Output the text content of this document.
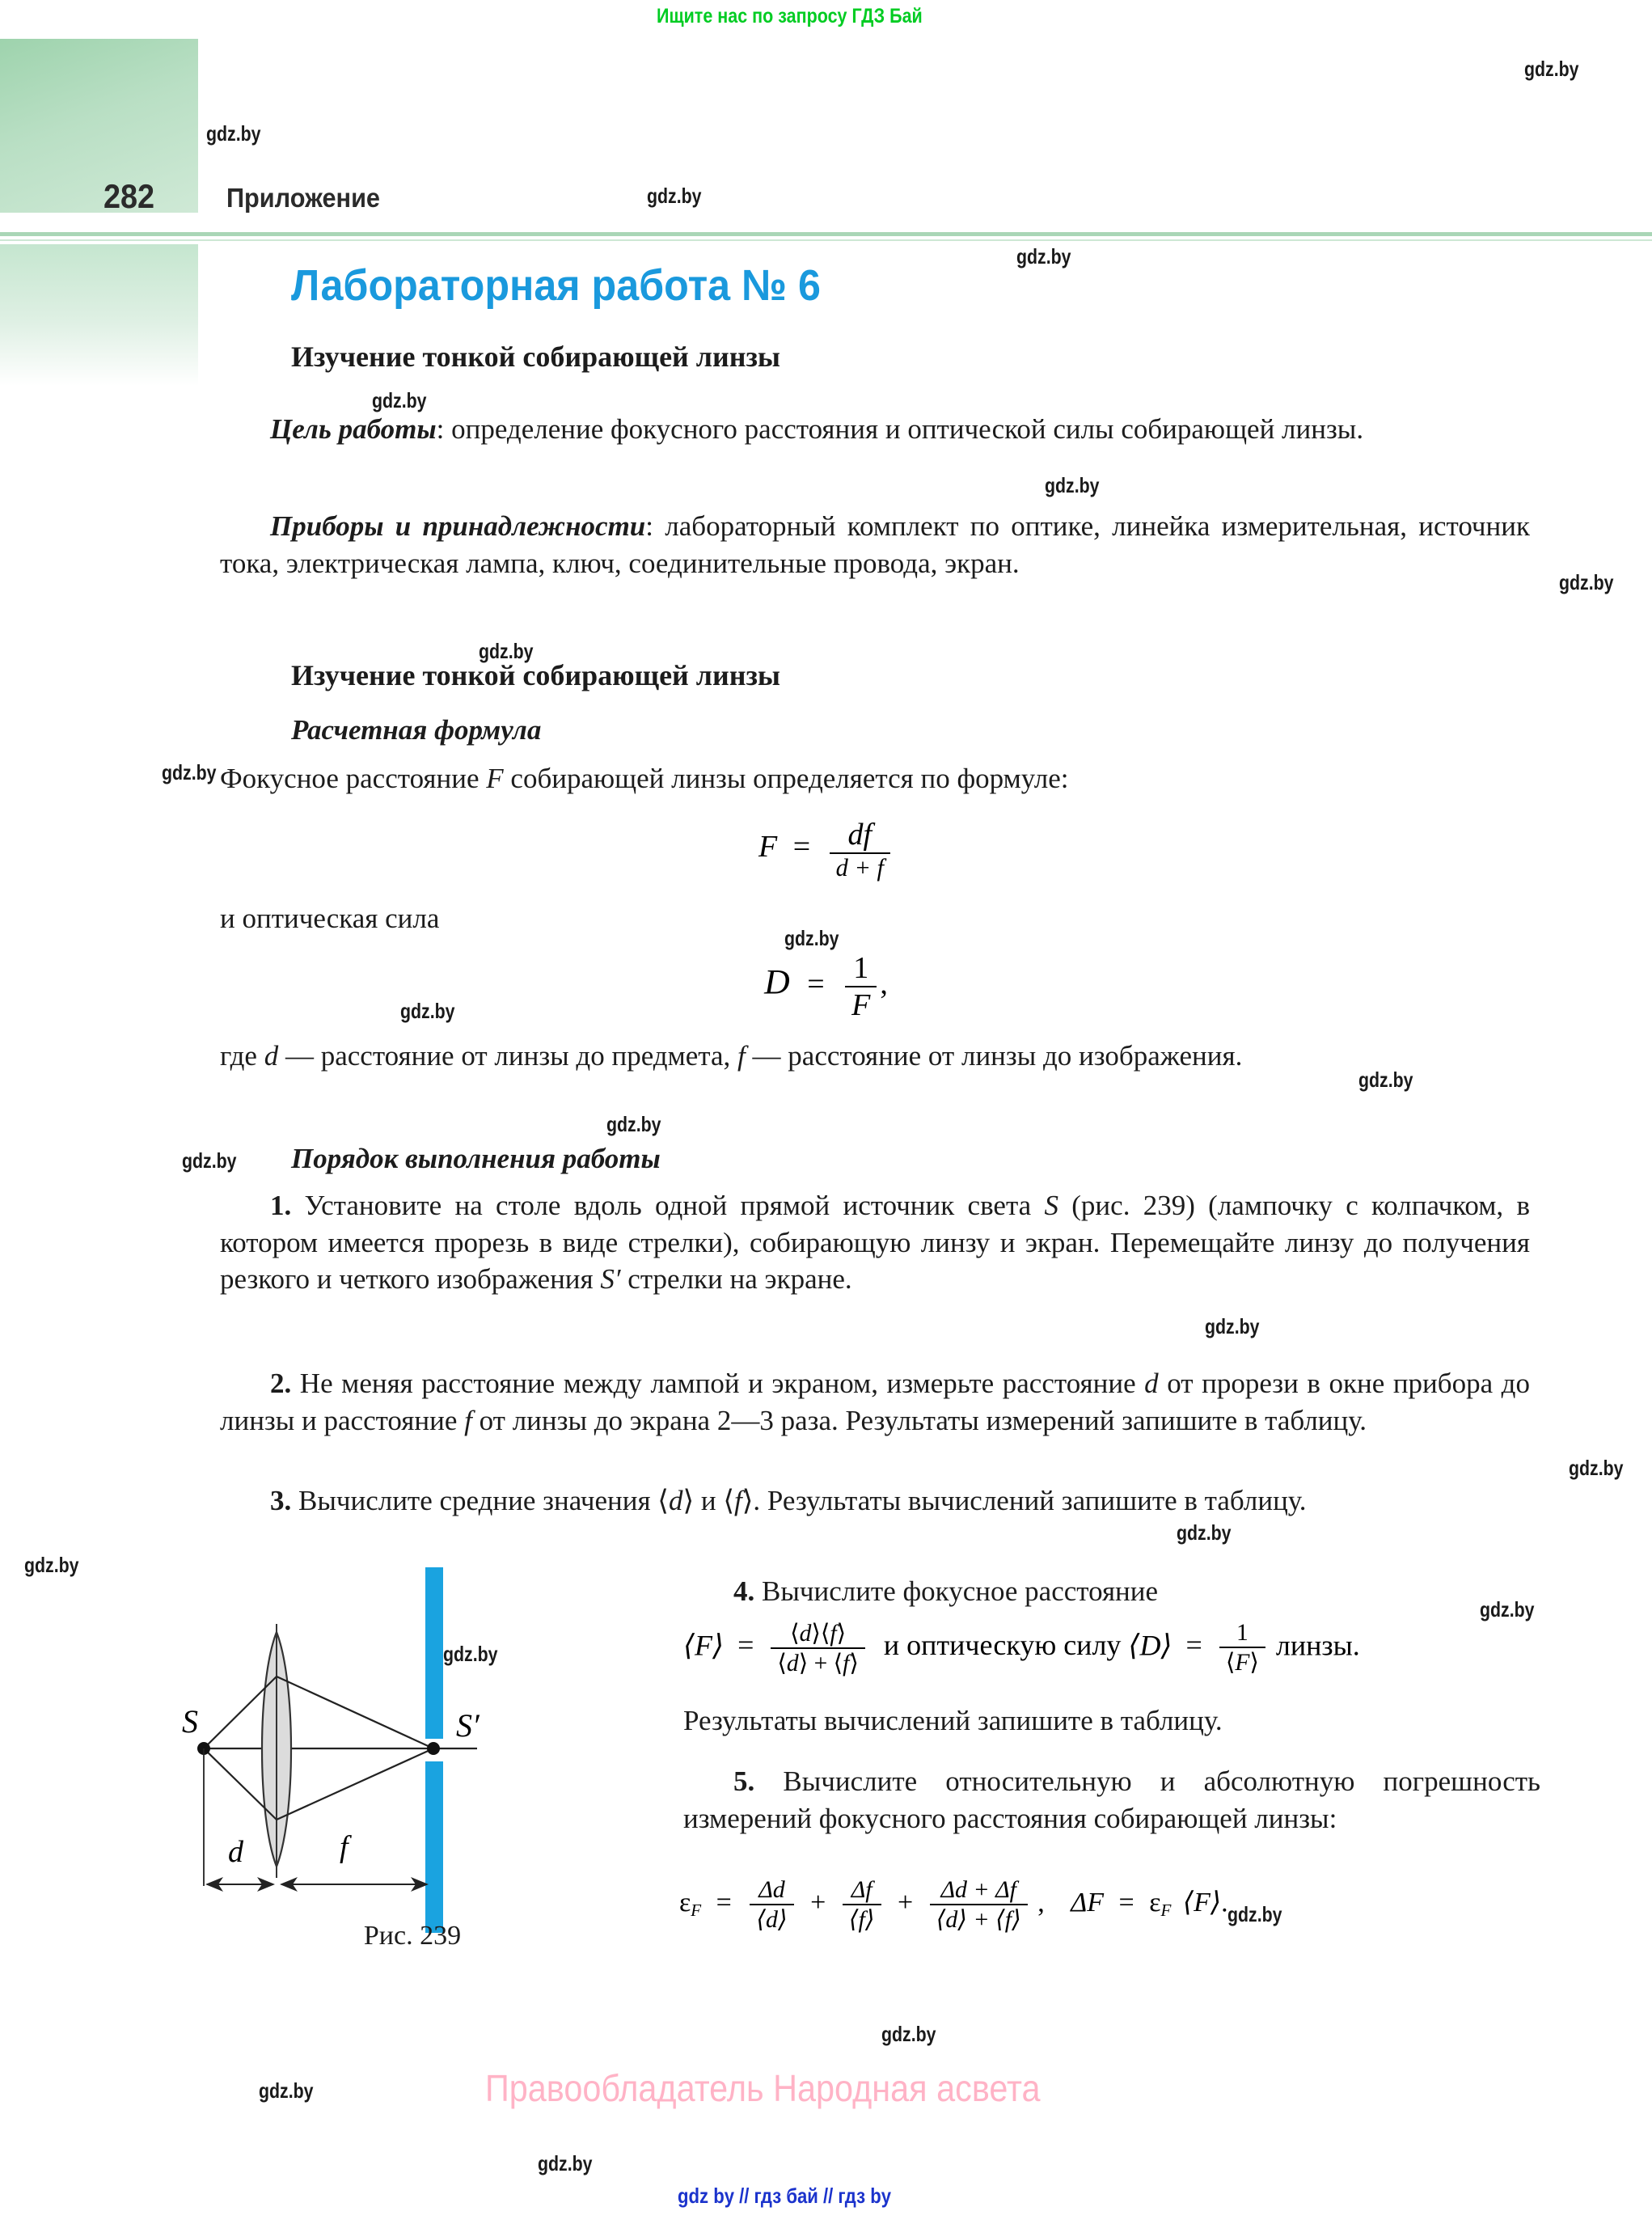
282	Приложение
Лабораторная работа № 6
Изучение тонкой собирающей линзы
Цель работы: определение фокусного расстояния и оптической силы собирающей линзы.
Приборы и принадлежности: лабораторный комплект по оптике, линейка измерительная, источник тока, электрическая лампа, ключ, соединительные провода, экран.
Изучение тонкой собирающей линзы
Расчетная формула
Фокусное расстояние F собирающей линзы определяется по формуле:
$F = \frac{df}{d + f}$
и оптическая сила
$D = \frac{1}{F}$ ,
где d — расстояние от линзы до предмета, f — расстояние от линзы до изображения.
Порядок выполнения работы
1. Установите на столе вдоль одной прямой источник света S (рис. 239) (лампочку с колпачком, в котором имеется прорезь в виде стрелки), собирающую линзу и экран. Перемещайте линзу до получения резкого и четкого изображения S′ стрелки на экране.
2. Не меняя расстояние между лампой и экраном, измерьте расстояние d от прорези в окне прибора до линзы и расстояние f от линзы до экрана 2—3 раза. Результаты измерений запишите в таблицу.
3. Вычислите средние значения ⟨d⟩ и ⟨f⟩. Результаты вычислений запишите в таблицу.
S	S′
d	f
Рис. 239
4. Вычислите фокусное расстояние
⟨F⟩ = $\frac{⟨d⟩⟨f⟩}{⟨d⟩ + ⟨f⟩}$ и оптическую силу ⟨D⟩ = $\frac{1}{⟨F⟩}$ линзы.
Результаты вычислений запишите в таблицу.
5. Вычислите относительную и абсолютную погрешность измерений фокусного расстояния собирающей линзы:
$\varepsilon_F = \frac{\Delta d}{⟨d⟩} + \frac{\Delta f}{⟨f⟩} + \frac{\Delta d + \Delta f}{⟨d⟩ + ⟨f⟩}$ , $\Delta F = \varepsilon_F$ ⟨F⟩.
Ищите нас по запросу ГДЗ Бай
Правообладатель Народная асвета
gdz by // гдз бай // гдз by
gdz.by
gdz.by
gdz.by
gdz.by
gdz.by
gdz.by
gdz.by
gdz.by
gdz.by
gdz.by
gdz.by
gdz.by
gdz.by
gdz.by
gdz.by
gdz.by
gdz.by
gdz.by
gdz.by
gdz.by
gdz.by
gdz.by
gdz.by
gdz.by
